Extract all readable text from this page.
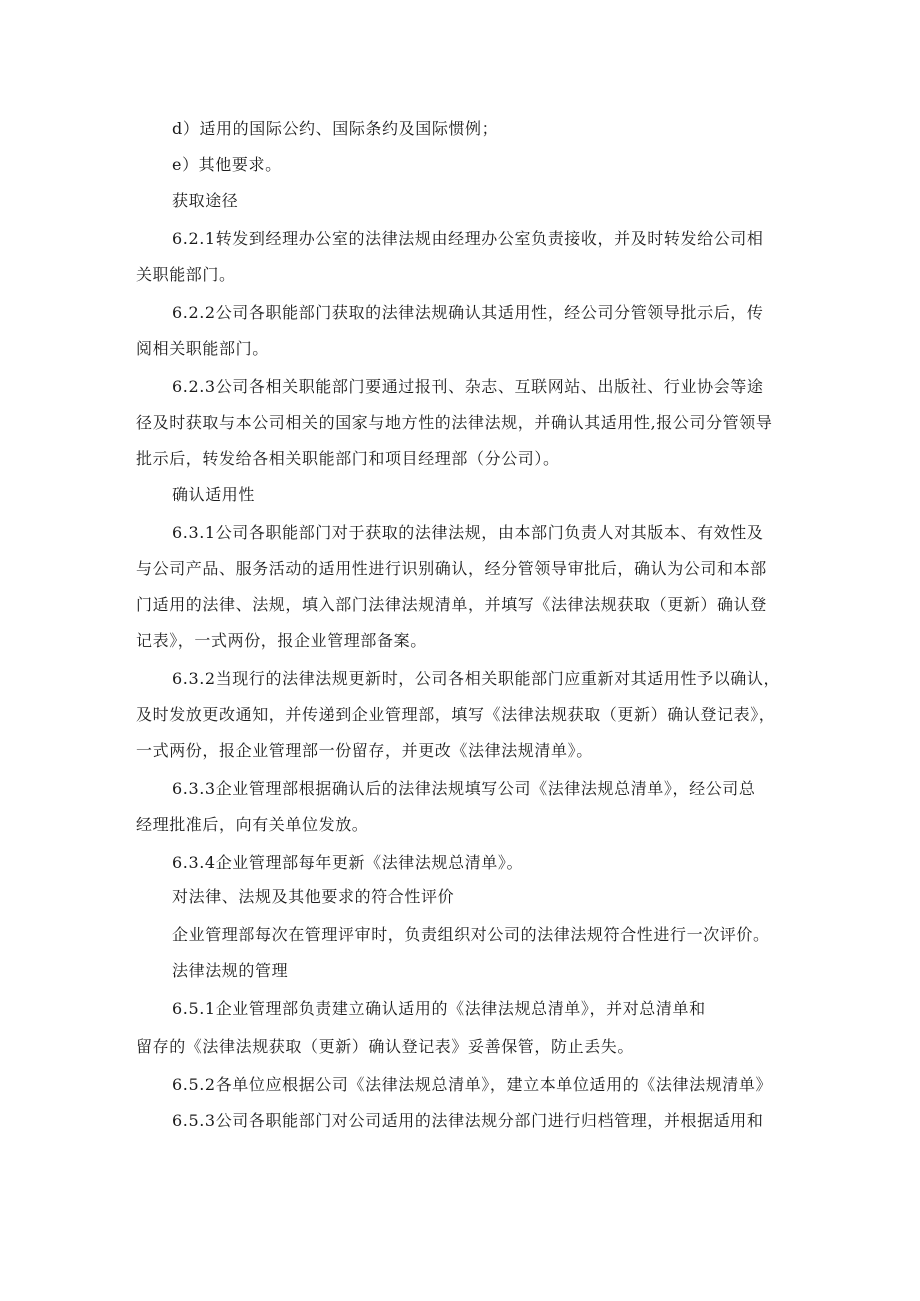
d）适用的国际公约、国际条约及国际惯例；
e）其他要求。
获取途径
6.2.1转发到经理办公室的法律法规由经理办公室负责接收，并及时转发给公司相
关职能部门。
6.2.2公司各职能部门获取的法律法规确认其适用性，经公司分管领导批示后，传
阅相关职能部门。
6.2.3公司各相关职能部门要通过报刊、杂志、互联网站、出版社、行业协会等途
径及时获取与本公司相关的国家与地方性的法律法规，并确认其适用性,报公司分管领导
批示后，转发给各相关职能部门和项目经理部（分公司）。
确认适用性
6.3.1公司各职能部门对于获取的法律法规，由本部门负责人对其版本、有效性及
与公司产品、服务活动的适用性进行识别确认，经分管领导审批后，确认为公司和本部
门适用的法律、法规，填入部门法律法规清单，并填写《法律法规获取（更新）确认登
记表》，一式两份，报企业管理部备案。
6.3.2当现行的法律法规更新时，公司各相关职能部门应重新对其适用性予以确认，
及时发放更改通知，并传递到企业管理部，填写《法律法规获取（更新）确认登记表》，
一式两份，报企业管理部一份留存，并更改《法律法规清单》。
6.3.3企业管理部根据确认后的法律法规填写公司《法律法规总清单》，经公司总
经理批准后，向有关单位发放。
6.3.4企业管理部每年更新《法律法规总清单》。
对法律、法规及其他要求的符合性评价
企业管理部每次在管理评审时，负责组织对公司的法律法规符合性进行一次评价。
法律法规的管理
6.5.1企业管理部负责建立确认适用的《法律法规总清单》，并对总清单和
留存的《法律法规获取（更新）确认登记表》妥善保管，防止丢失。
6.5.2各单位应根据公司《法律法规总清单》，建立本单位适用的《法律法规清单》
6.5.3公司各职能部门对公司适用的法律法规分部门进行归档管理，并根据适用和
